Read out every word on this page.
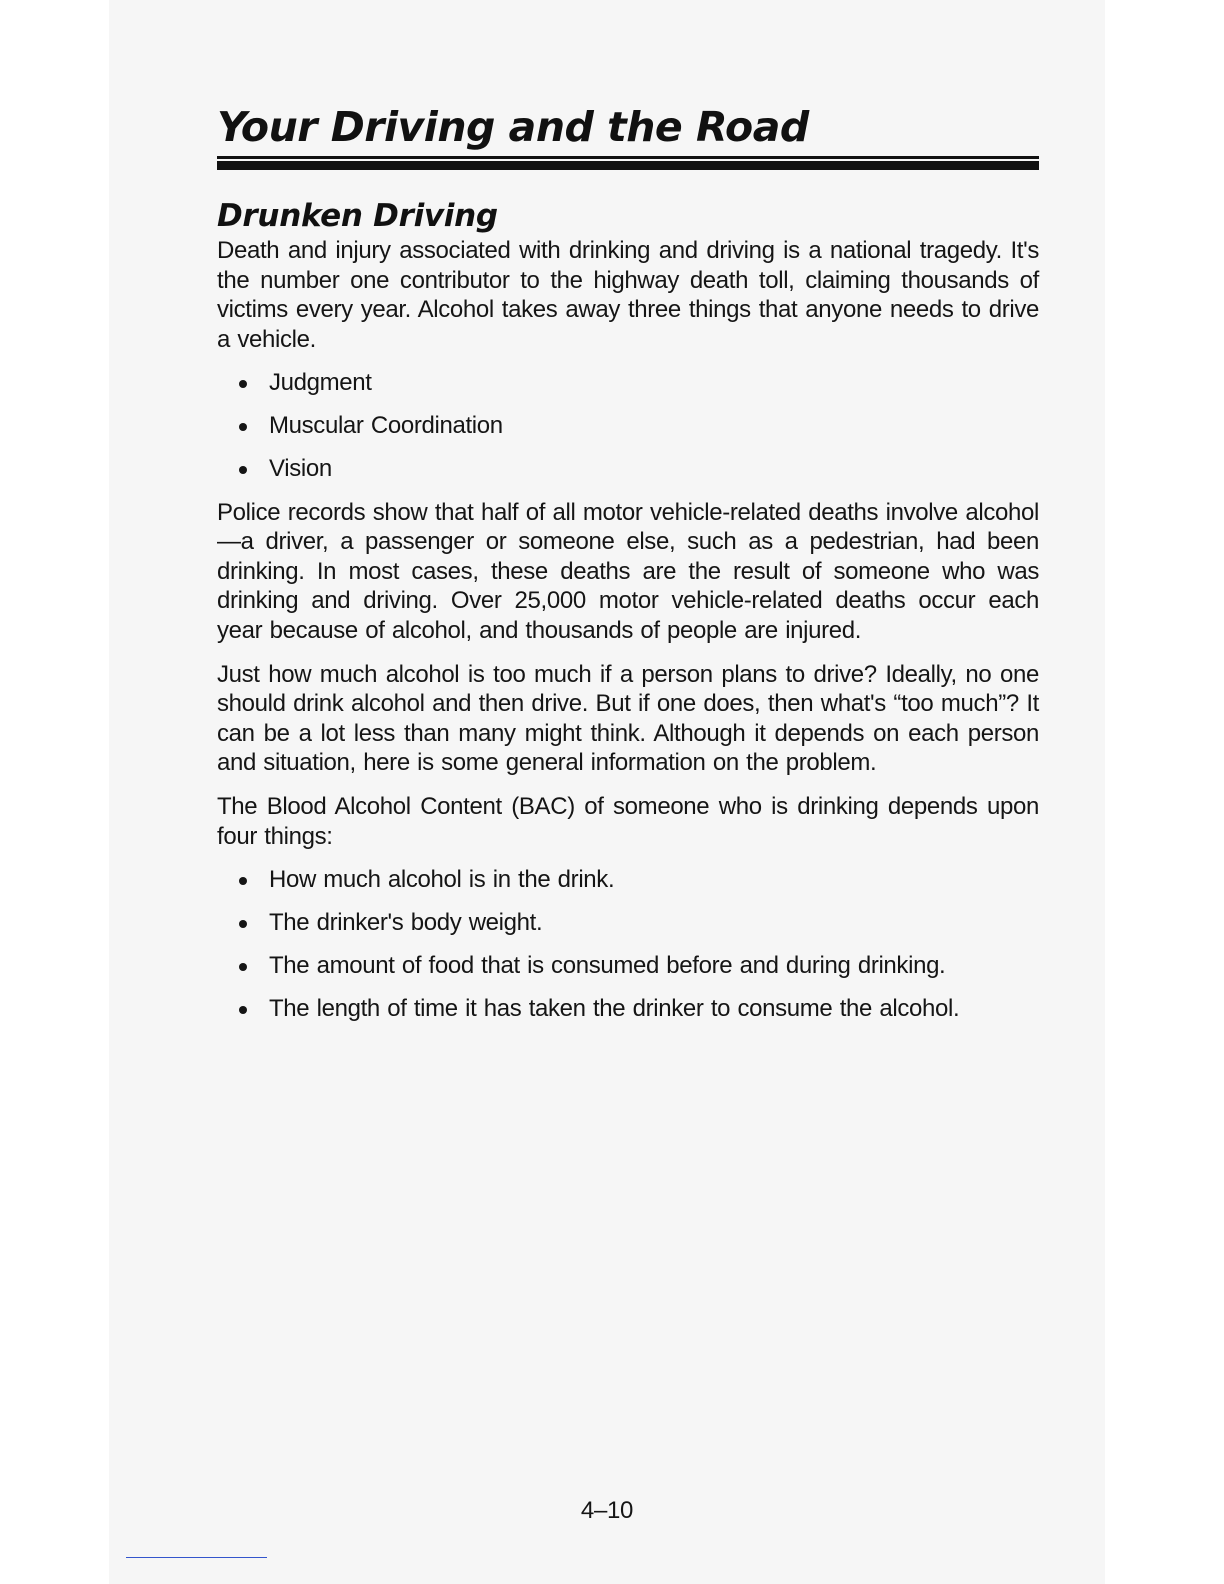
Your Driving and the Road
Drunken Driving

Death and injury associated with drinking and driving is a national tragedy. It's the number one contributor to the highway death toll, claiming thousands of victims every year. Alcohol takes away three things that anyone needs to drive a vehicle.

Judgment
Muscular Coordination
Vision

Police records show that half of all motor vehicle-related deaths involve alcohol—a driver, a passenger or someone else, such as a pedestrian, had been drinking. In most cases, these deaths are the result of someone who was drinking and driving. Over 25,000 motor vehicle-related deaths occur each year because of alcohol, and thousands of people are injured.

Just how much alcohol is too much if a person plans to drive? Ideally, no one should drink alcohol and then drive. But if one does, then what's “too much”? It can be a lot less than many might think. Although it depends on each person and situation, here is some general information on the problem.

The Blood Alcohol Content (BAC) of someone who is drinking depends upon four things:

How much alcohol is in the drink.
The drinker's body weight.
The amount of food that is consumed before and during drinking.
The length of time it has taken the drinker to consume the alcohol.
4–10
